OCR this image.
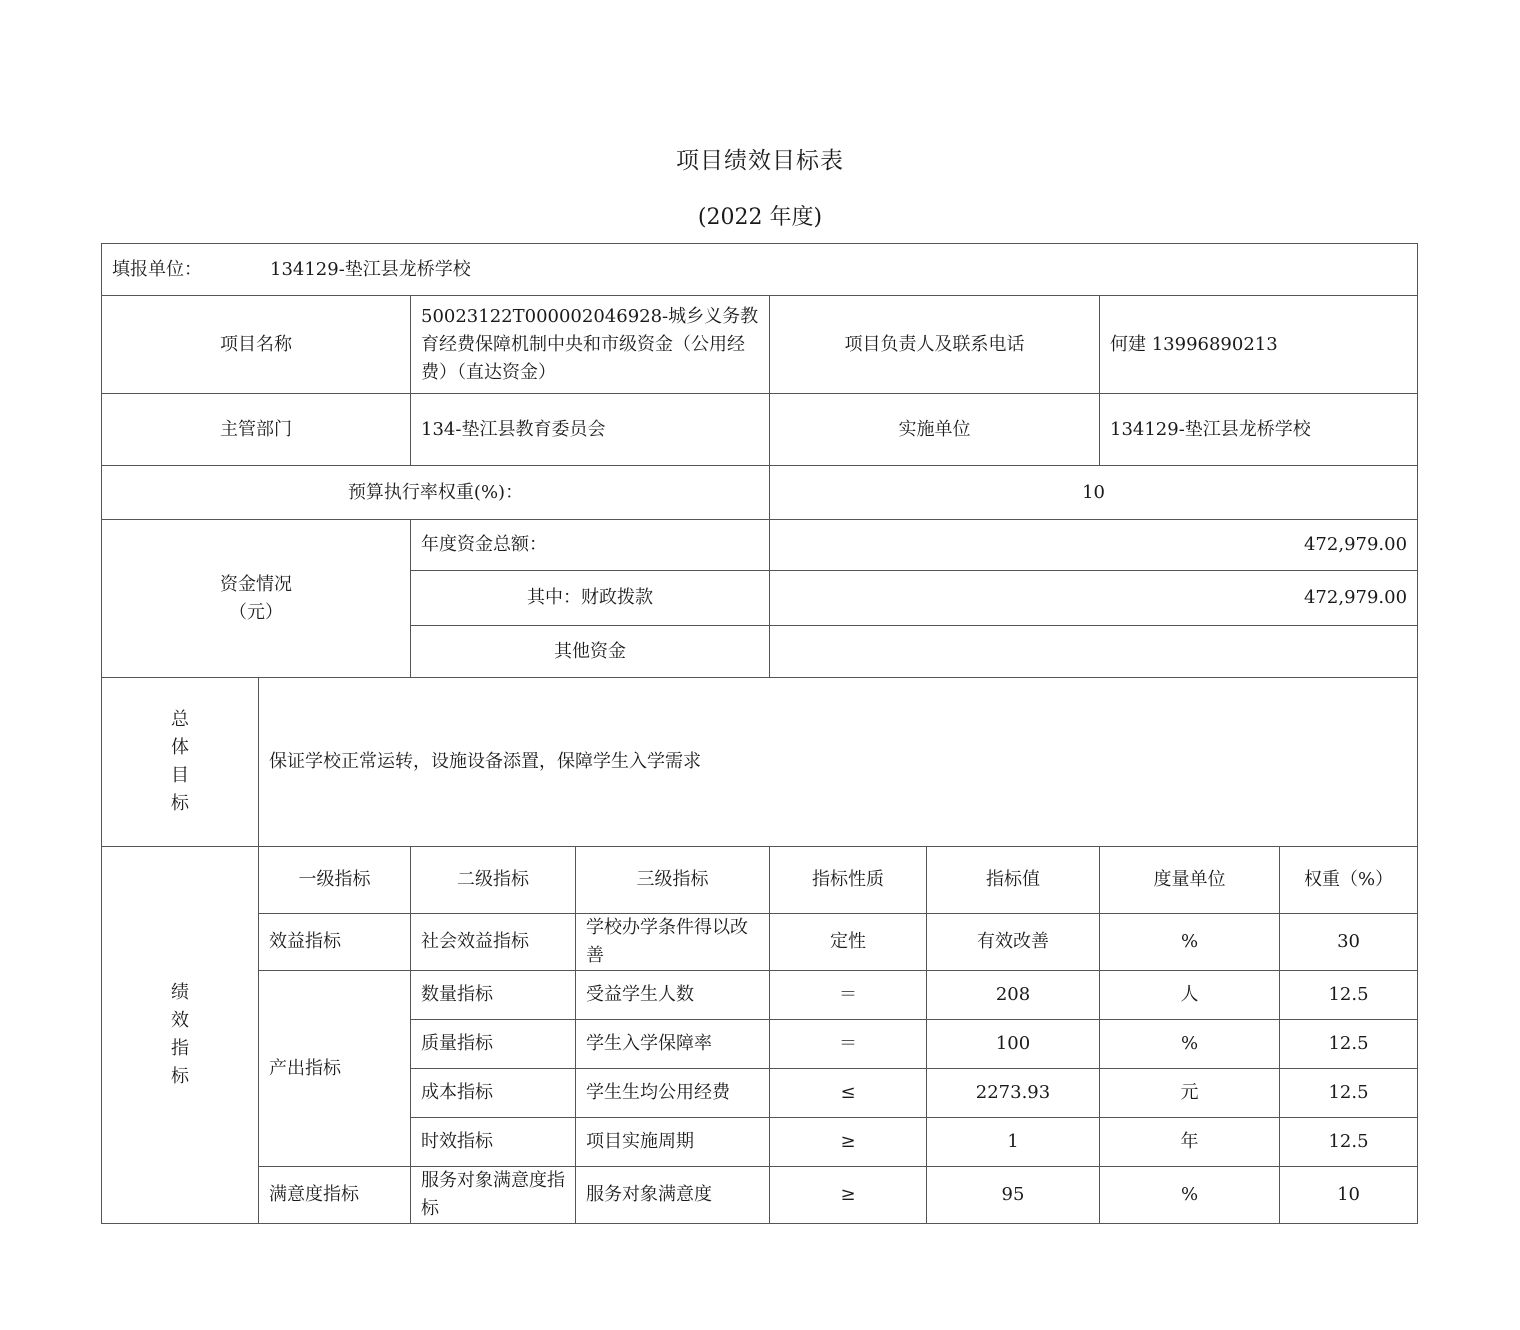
项目绩效目标表
(2022 年度)
填报单位： 134129-垫江县龙桥学校							
项目名称		50023122T000002046928-城乡义务教育经费保障机制中央和市级资金（公用经费）（直达资金）		项目负责人及联系电话		何建 13996890213	
主管部门		134-垫江县教育委员会		实施单位		134129-垫江县龙桥学校	
预算执行率权重(%)：				10			

资金情况
（元）		年度资金总额：		472,979.00			
		其中：财政拨款		472,979.00			
		其他资金					

总
体
目
标	保证学校正常运转，设施设备添置，保障学生入学需求						

绩
效
指
标	一级指标	二级指标	三级指标	指标性质	指标值	度量单位	权重（%）
	效益指标	社会效益指标	学校办学条件得以改善	定性	有效改善	%	30
	产出指标	数量指标	受益学生人数	＝	208	人	12.5
		质量指标	学生入学保障率	＝	100	%	12.5
		成本指标	学生生均公用经费	≤	2273.93	元	12.5
		时效指标	项目实施周期	≥	1	年	12.5
	满意度指标	服务对象满意度指标	服务对象满意度	≥	95	%	10
